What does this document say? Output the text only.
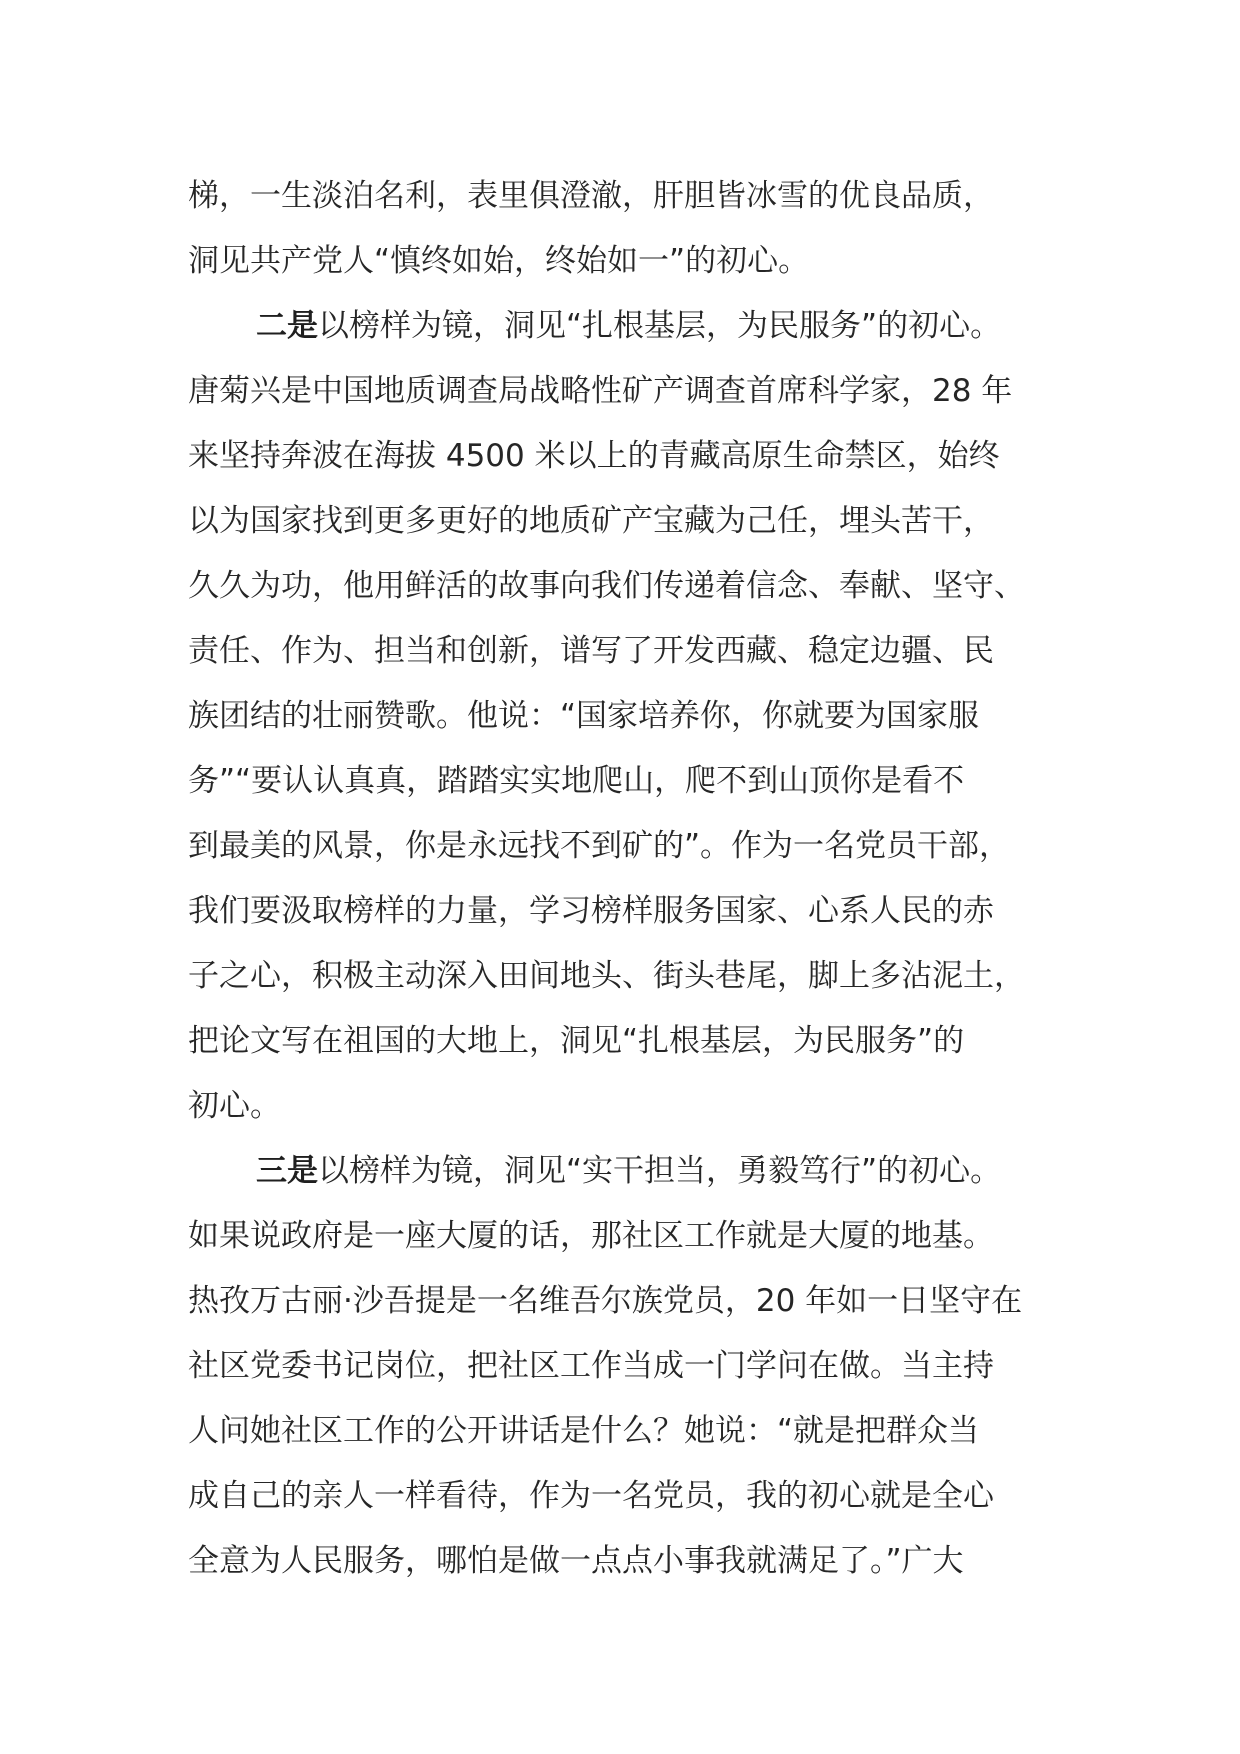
梯，一生淡泊名利，表里俱澄澈，肝胆皆冰雪的优良品质，
洞见共产党人“慎终如始，终始如一”的初心。
二是以榜样为镜，洞见“扎根基层，为民服务”的初心。
唐菊兴是中国地质调查局战略性矿产调查首席科学家，28 年
来坚持奔波在海拔 4500 米以上的青藏高原生命禁区，始终
以为国家找到更多更好的地质矿产宝藏为己任，埋头苦干，
久久为功，他用鲜活的故事向我们传递着信念、奉献、坚守、
责任、作为、担当和创新，谱写了开发西藏、稳定边疆、民
族团结的壮丽赞歌。他说：“国家培养你，你就要为国家服
务”“要认认真真，踏踏实实地爬山，爬不到山顶你是看不
到最美的风景，你是永远找不到矿的”。作为一名党员干部，
我们要汲取榜样的力量，学习榜样服务国家、心系人民的赤
子之心，积极主动深入田间地头、街头巷尾，脚上多沾泥土，
把论文写在祖国的大地上，洞见“扎根基层，为民服务”的
初心。
三是以榜样为镜，洞见“实干担当，勇毅笃行”的初心。
如果说政府是一座大厦的话，那社区工作就是大厦的地基。
热孜万古丽·沙吾提是一名维吾尔族党员，20 年如一日坚守在
社区党委书记岗位，把社区工作当成一门学问在做。当主持
人问她社区工作的公开讲话是什么？她说：“就是把群众当
成自己的亲人一样看待，作为一名党员，我的初心就是全心
全意为人民服务，哪怕是做一点点小事我就满足了。”广大
